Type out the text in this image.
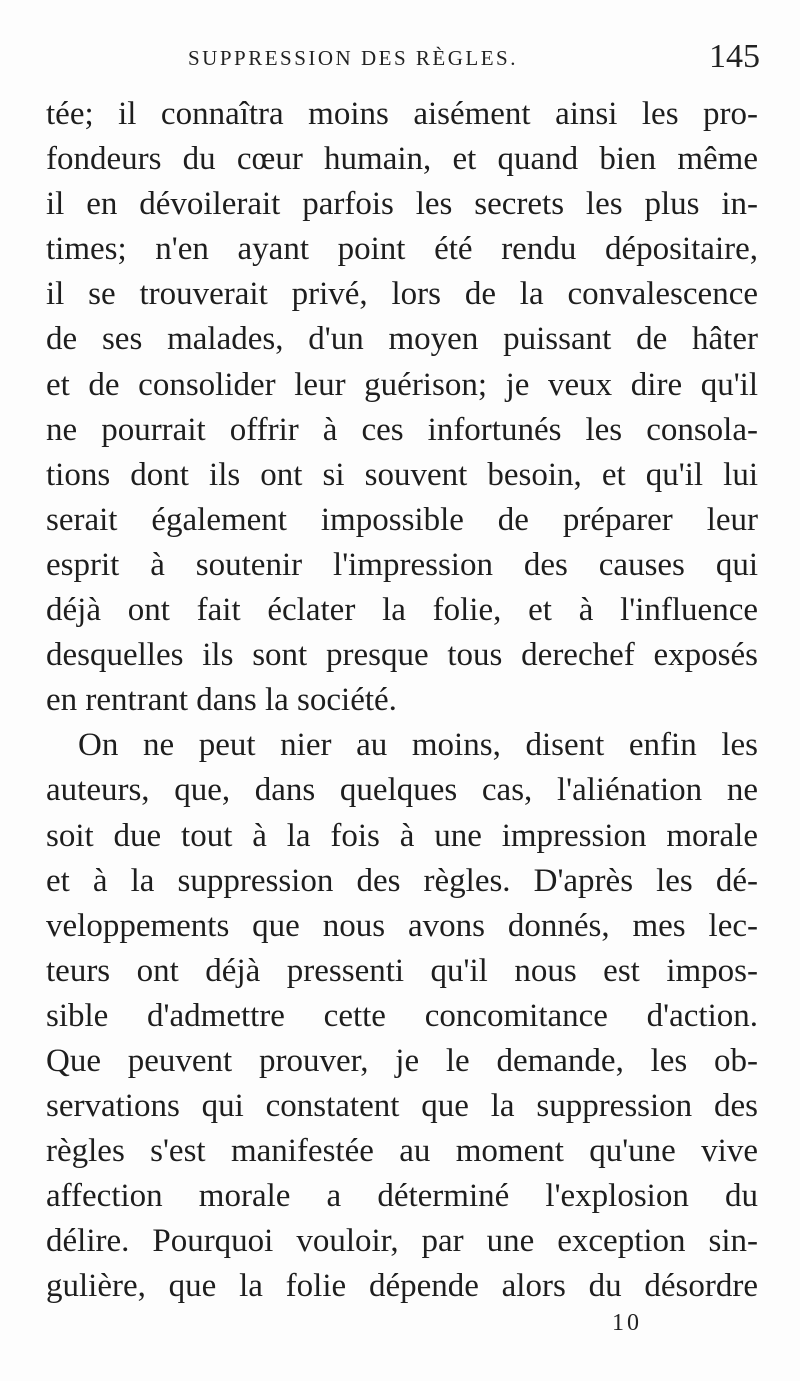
SUPPRESSION DES RÈGLES.	145
tée; il connaîtra moins aisément ainsi les pro-
fondeurs du cœur humain, et quand bien même
il en dévoilerait parfois les secrets les plus in-
times; n'en ayant point été rendu dépositaire,
il se trouverait privé, lors de la convalescence
de ses malades, d'un moyen puissant de hâter
et de consolider leur guérison; je veux dire qu'il
ne pourrait offrir à ces infortunés les consola-
tions dont ils ont si souvent besoin, et qu'il lui
serait également impossible de préparer leur
esprit à soutenir l'impression des causes qui
déjà ont fait éclater la folie, et à l'influence
desquelles ils sont presque tous derechef exposés
en rentrant dans la société.
On ne peut nier au moins, disent enfin les
auteurs, que, dans quelques cas, l'aliénation ne
soit due tout à la fois à une impression morale
et à la suppression des règles. D'après les dé-
veloppements que nous avons donnés, mes lec-
teurs ont déjà pressenti qu'il nous est impos-
sible d'admettre cette concomitance d'action.
Que peuvent prouver, je le demande, les ob-
servations qui constatent que la suppression des
règles s'est manifestée au moment qu'une vive
affection morale a déterminé l'explosion du
délire. Pourquoi vouloir, par une exception sin-
gulière, que la folie dépende alors du désordre
10
